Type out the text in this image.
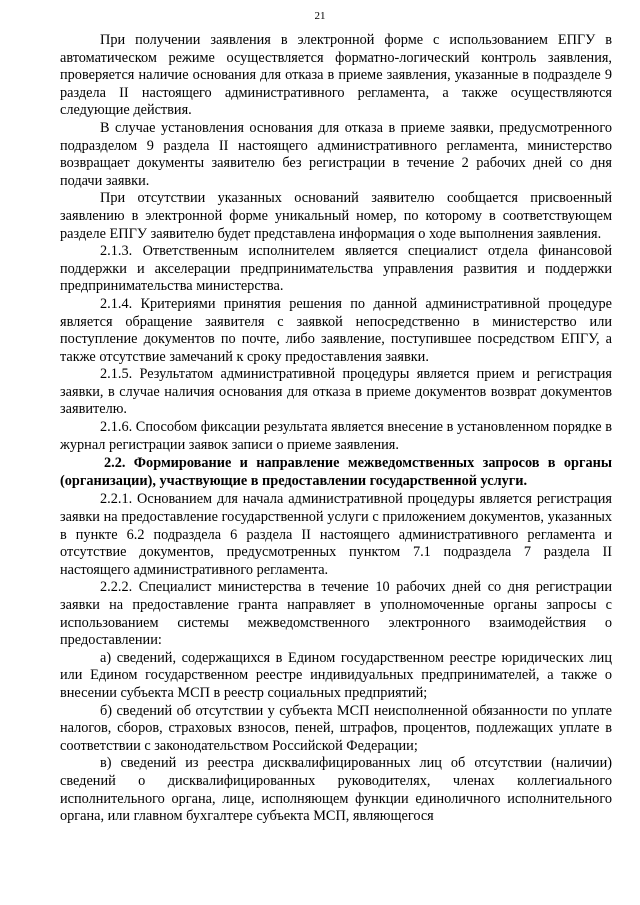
21

При получении заявления в электронной форме с использованием ЕПГУ в автоматическом режиме осуществляется форматно-логический контроль заявления, проверяется наличие основания для отказа в приеме заявления, указанные в подразделе 9 раздела II настоящего административного регламента, а также осуществляются следующие действия.

В случае установления основания для отказа в приеме заявки, предусмотренного подразделом 9 раздела II настоящего административного регламента, министерство возвращает документы заявителю без регистрации в течение 2 рабочих дней со дня подачи заявки.

При отсутствии указанных оснований заявителю сообщается присвоенный заявлению в электронной форме уникальный номер, по которому в соответствующем разделе ЕПГУ заявителю будет представлена информация о ходе выполнения заявления.

2.1.3. Ответственным исполнителем является специалист отдела финансовой поддержки и акселерации предпринимательства управления развития и поддержки предпринимательства министерства.

2.1.4. Критериями принятия решения по данной административной процедуре является обращение заявителя с заявкой непосредственно в министерство или поступление документов по почте, либо заявление, поступившее посредством ЕПГУ, а также отсутствие замечаний к сроку предоставления заявки.

2.1.5. Результатом административной процедуры является прием и регистрация заявки, в случае наличия основания для отказа в приеме документов возврат документов заявителю.

2.1.6. Способом фиксации результата является внесение в установленном порядке в журнал регистрации заявок записи о приеме заявления.

2.2. Формирование и направление межведомственных запросов в органы (организации), участвующие в предоставлении государственной услуги.

2.2.1. Основанием для начала административной процедуры является регистрация заявки на предоставление государственной услуги с приложением документов, указанных в пункте 6.2 подраздела 6 раздела II настоящего административного регламента и отсутствие документов, предусмотренных пунктом 7.1 подраздела 7 раздела II настоящего административного регламента.

2.2.2. Специалист министерства в течение 10 рабочих дней со дня регистрации заявки на предоставление гранта направляет в уполномоченные органы запросы с использованием системы межведомственного электронного взаимодействия о предоставлении:

а) сведений, содержащихся в Едином государственном реестре юридических лиц или Едином государственном реестре индивидуальных предпринимателей, а также о внесении субъекта МСП в реестр социальных предприятий;

б) сведений об отсутствии у субъекта МСП неисполненной обязанности по уплате налогов, сборов, страховых взносов, пеней, штрафов, процентов, подлежащих уплате в соответствии с законодательством Российской Федерации;

в) сведений из реестра дисквалифицированных лиц об отсутствии (наличии) сведений о дисквалифицированных руководителях, членах коллегиального исполнительного органа, лице, исполняющем функции единоличного исполнительного органа, или главном бухгалтере субъекта МСП, являющегося
